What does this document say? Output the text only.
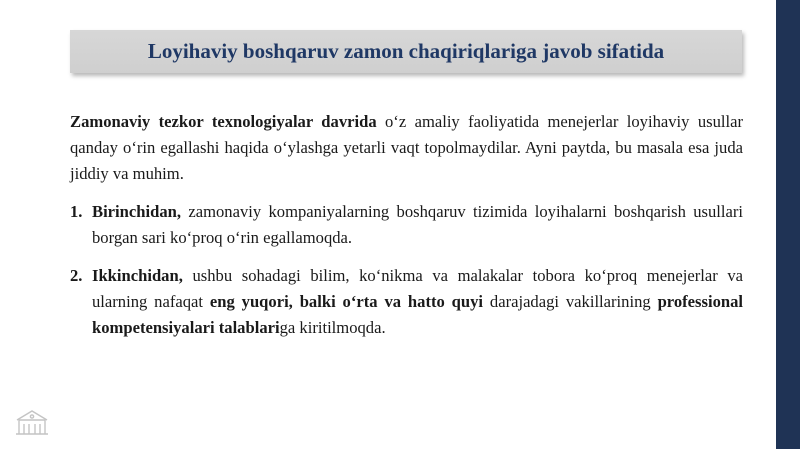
Loyihaviy boshqaruv zamon chaqiriqlariga javob sifatida

Zamonaviy tezkor texnologiyalar davrida o‘z amaliy faoliyatida menejerlar loyihaviy usullar qanday o‘rin egallashi haqida o‘ylashga yetarli vaqt topolmaydilar. Ayni paytda, bu masala esa juda jiddiy va muhim.

1. Birinchidan, zamonaviy kompaniyalarning boshqaruv tizimida loyihalarni boshqarish usullari borgan sari ko‘proq o‘rin egallamoqda.
2. Ikkinchidan, ushbu sohadagi bilim, ko‘nikma va malakalar tobora ko‘proq menejerlar va ularning nafaqat eng yuqori, balki o‘rta va hatto quyi darajadagi vakillarining professional kompetensiyalari talablariga kiritilmoqda.
